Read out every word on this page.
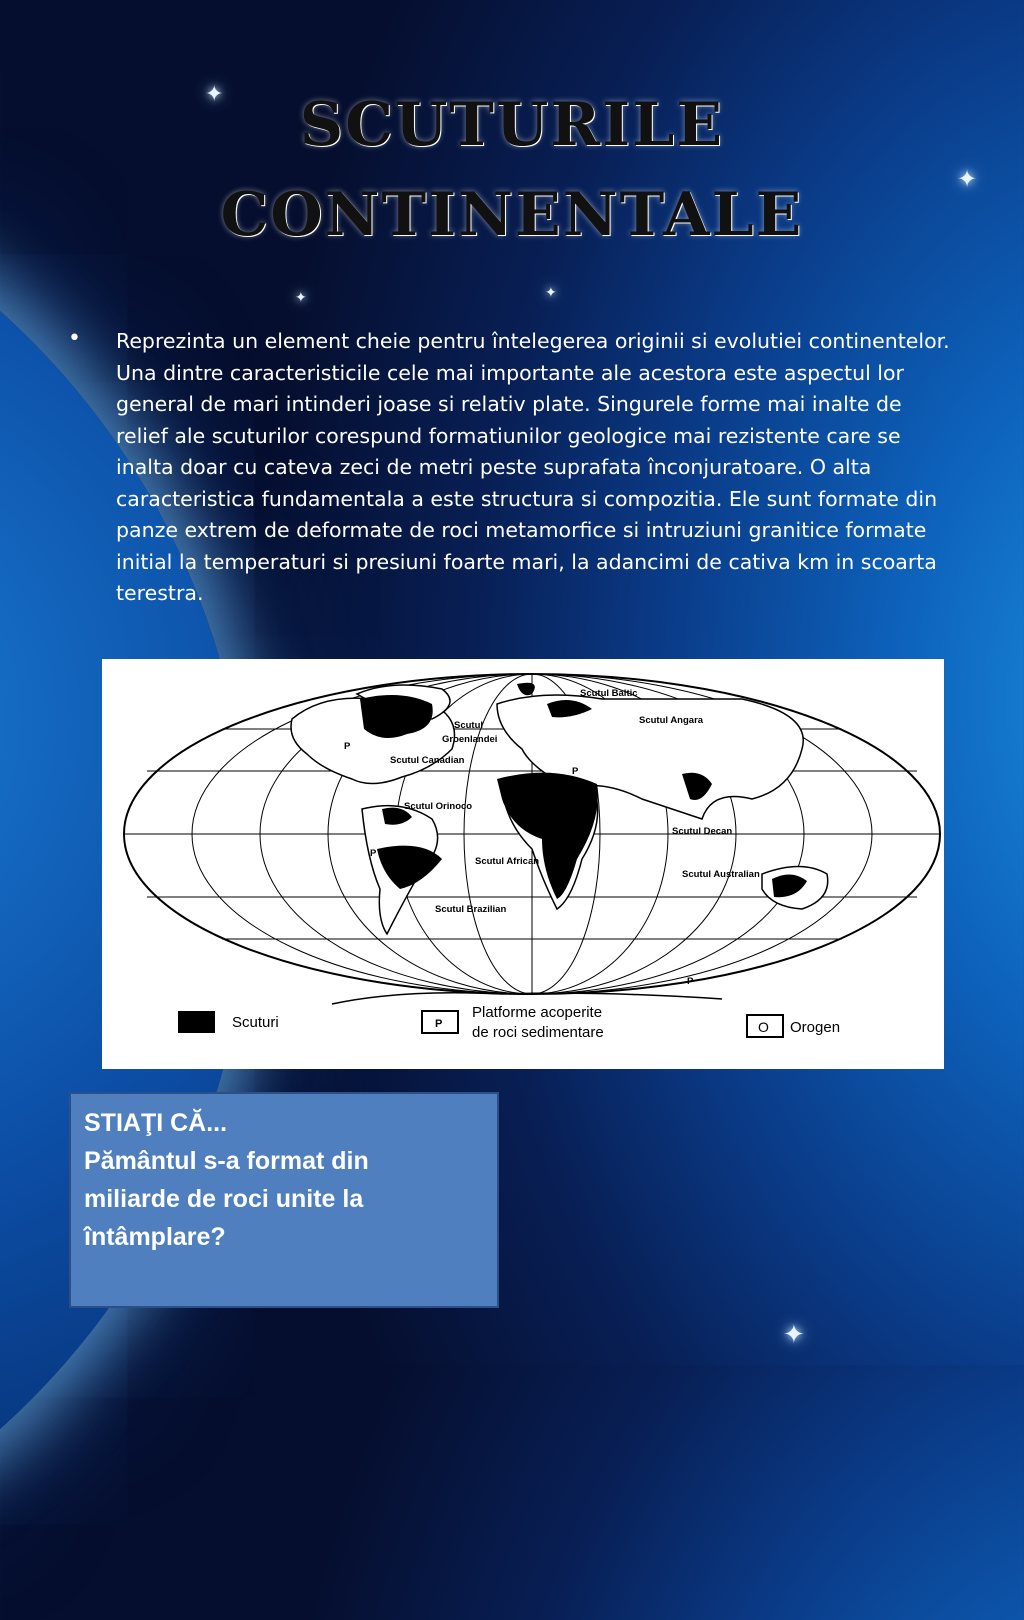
✦
✦
✦
✦
✦
SCUTURILE
CONTINENTALE
• Reprezinta un element cheie pentru întelegerea originii si evolutiei continentelor. Una dintre caracteristicile cele mai importante ale acestora este aspectul lor general de mari intinderi joase si relativ plate. Singurele forme mai inalte de relief ale scuturilor corespund formatiunilor geologice mai rezistente care se inalta doar cu cateva zeci de metri peste suprafata înconjuratoare. O alta caracteristica fundamentala a este structura si compozitia. Ele sunt formate din panze extrem de deformate de roci metamorfice si intruziuni granitice formate initial la temperaturi si presiuni foarte mari, la adancimi de cativa km in scoarta terestra.
Scutul Baltic
Scutul Angara
Scutul
Groenlandei
Scutul Canadian
Scutul Orinoco
Scutul African
Scutul Decan
Scutul Australian
Scutul Brazilian
P
P
P
P
Scuturi	P
Platforme acoperite
de roci sedimentare	O Orogen
STIAŢI CĂ...
Pământul s-a format din
miliarde de roci unite la
întâmplare?
